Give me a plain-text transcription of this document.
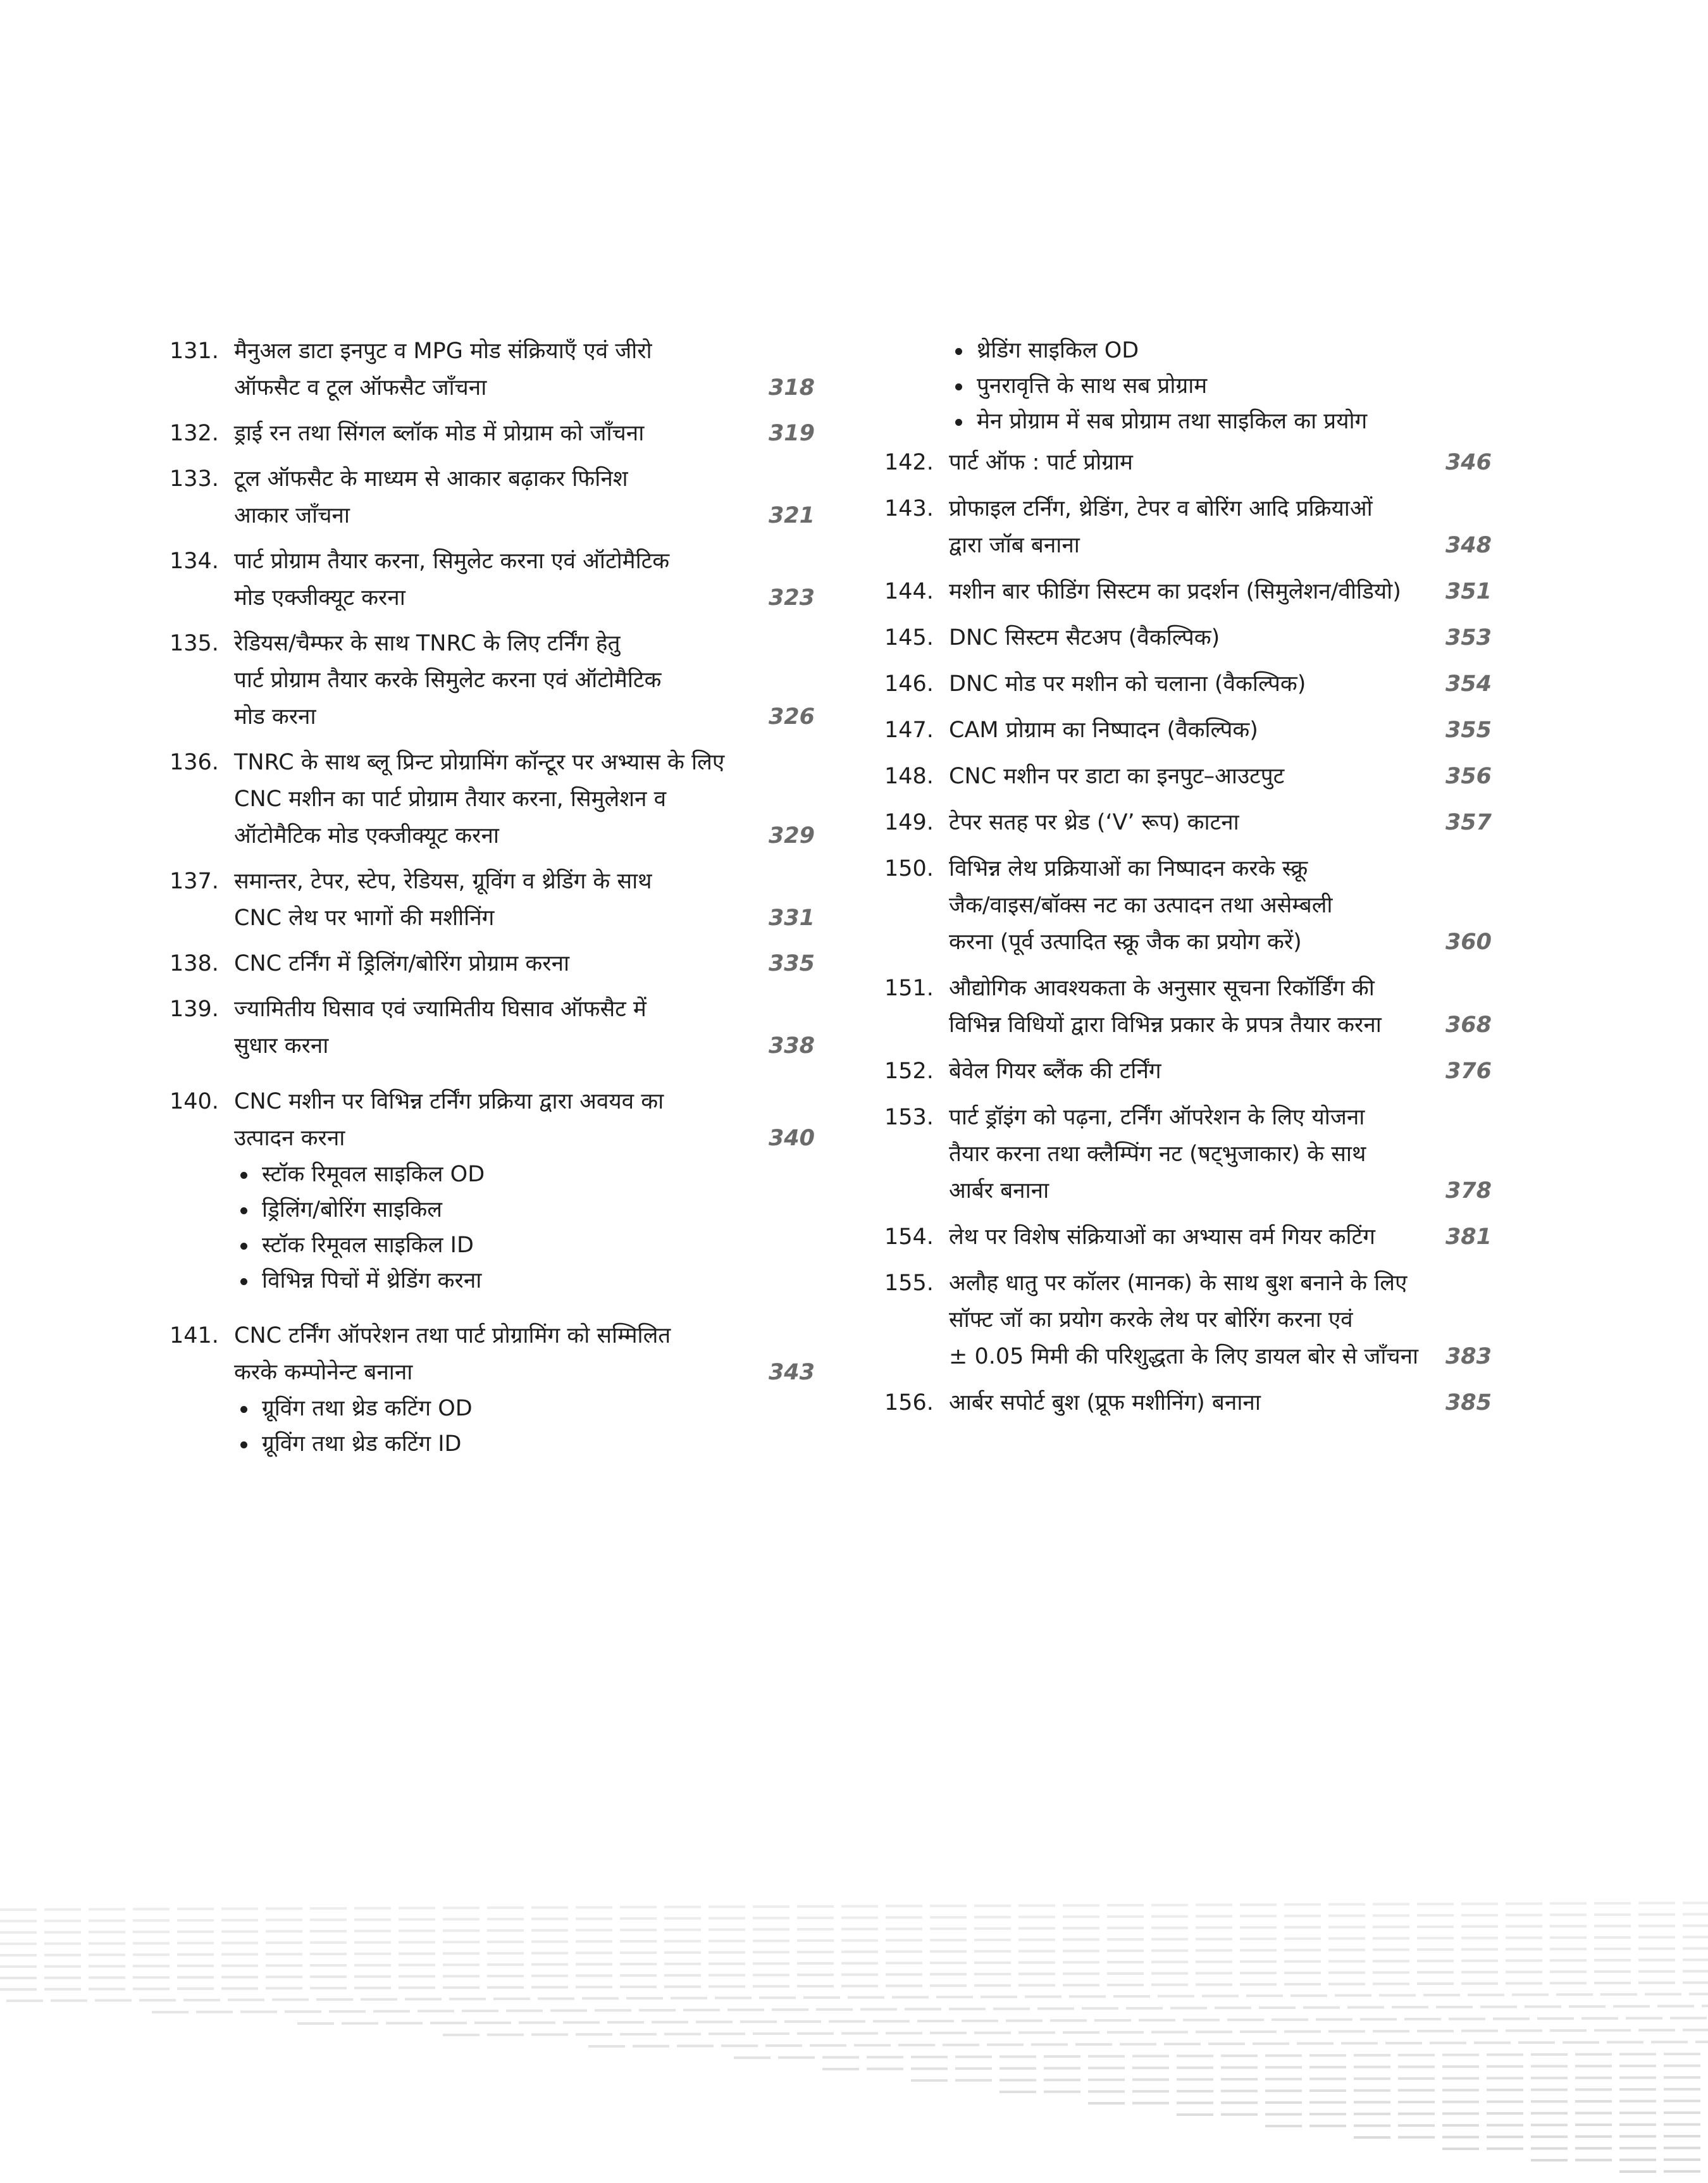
131. मैनुअल डाटा इनपुट व MPG मोड संक्रियाएँ एवं जीरो
ऑफसैट व टूल ऑफसैट जाँचना	318
132. ड्राई रन तथा सिंगल ब्लॉक मोड में प्रोग्राम को जाँचना	319
133. टूल ऑफसैट के माध्यम से आकार बढ़ाकर फिनिश
आकार जाँचना	321
134. पार्ट प्रोग्राम तैयार करना, सिमुलेट करना एवं ऑटोमैटिक
मोड एक्जीक्यूट करना	323
135. रेडियस/चैम्फर के साथ TNRC के लिए टर्निंग हेतु
पार्ट प्रोग्राम तैयार करके सिमुलेट करना एवं ऑटोमैटिक
मोड करना	326
136. TNRC के साथ ब्लू प्रिन्ट प्रोग्रामिंग कॉन्टूर पर अभ्यास के लिए
CNC मशीन का पार्ट प्रोग्राम तैयार करना, सिमुलेशन व
ऑटोमैटिक मोड एक्जीक्यूट करना	329
137. समान्तर, टेपर, स्टेप, रेडियस, ग्रूविंग व थ्रेडिंग के साथ
CNC लेथ पर भागों की मशीनिंग	331
138. CNC टर्निंग में ड्रिलिंग/बोरिंग प्रोग्राम करना	335
139. ज्यामितीय घिसाव एवं ज्यामितीय घिसाव ऑफसैट में
सुधार करना	338
140. CNC मशीन पर विभिन्न टर्निंग प्रक्रिया द्वारा अवयव का
उत्पादन करना	340
स्टॉक रिमूवल साइकिल OD
ड्रिलिंग/बोरिंग साइकिल
स्टॉक रिमूवल साइकिल ID
विभिन्न पिचों में थ्रेडिंग करना
141. CNC टर्निंग ऑपरेशन तथा पार्ट प्रोग्रामिंग को सम्मिलित
करके कम्पोनेन्ट बनाना	343
ग्रूविंग तथा थ्रेड कटिंग OD
ग्रूविंग तथा थ्रेड कटिंग ID
थ्रेडिंग साइकिल OD
पुनरावृत्ति के साथ सब प्रोग्राम
मेन प्रोग्राम में सब प्रोग्राम तथा साइकिल का प्रयोग
142. पार्ट ऑफ : पार्ट प्रोग्राम	346
143. प्रोफाइल टर्निंग, थ्रेडिंग, टेपर व बोरिंग आदि प्रक्रियाओं
द्वारा जॉब बनाना	348
144. मशीन बार फीडिंग सिस्टम का प्रदर्शन (सिमुलेशन/वीडियो)	351
145. DNC सिस्टम सैटअप (वैकल्पिक)	353
146. DNC मोड पर मशीन को चलाना (वैकल्पिक)	354
147. CAM प्रोग्राम का निष्पादन (वैकल्पिक)	355
148. CNC मशीन पर डाटा का इनपुट–आउटपुट	356
149. टेपर सतह पर थ्रेड (‘V’ रूप) काटना	357
150. विभिन्न लेथ प्रक्रियाओं का निष्पादन करके स्क्रू
जैक/वाइस/बॉक्स नट का उत्पादन तथा असेम्बली
करना (पूर्व उत्पादित स्क्रू जैक का प्रयोग करें)	360
151. औद्योगिक आवश्यकता के अनुसार सूचना रिकॉर्डिंग की
विभिन्न विधियों द्वारा विभिन्न प्रकार के प्रपत्र तैयार करना	368
152. बेवेल गियर ब्लैंक की टर्निंग	376
153. पार्ट ड्रॉइंग को पढ़ना, टर्निंग ऑपरेशन के लिए योजना
तैयार करना तथा क्लैम्पिंग नट (षट्भुजाकार) के साथ
आर्बर बनाना	378
154. लेथ पर विशेष संक्रियाओं का अभ्यास वर्म गियर कटिंग	381
155. अलौह धातु पर कॉलर (मानक) के साथ बुश बनाने के लिए
सॉफ्ट जॉ का प्रयोग करके लेथ पर बोरिंग करना एवं
± 0.05 मिमी की परिशुद्धता के लिए डायल बोर से जाँचना	383
156. आर्बर सपोर्ट बुश (प्रूफ मशीनिंग) बनाना	385
